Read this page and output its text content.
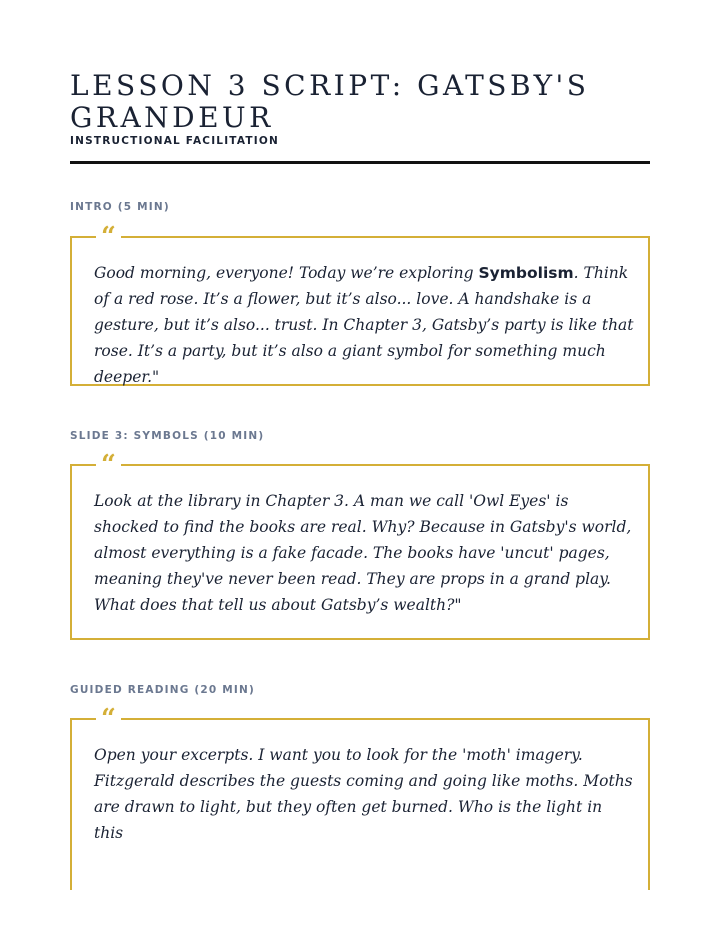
LESSON 3 SCRIPT: GATSBY'S GRANDEUR
INSTRUCTIONAL FACILITATION
INTRO (5 MIN)
“
Good morning, everyone! Today we’re exploring Symbolism. Think of a red rose. It’s a flower, but it’s also... love. A handshake is a gesture, but it’s also... trust. In Chapter 3, Gatsby’s party is like that rose. It’s a party, but it’s also a giant symbol for something much deeper."
SLIDE 3: SYMBOLS (10 MIN)
“
Look at the library in Chapter 3. A man we call 'Owl Eyes' is shocked to find the books are real. Why? Because in Gatsby's world, almost everything is a fake facade. The books have 'uncut' pages, meaning they've never been read. They are props in a grand play. What does that tell us about Gatsby’s wealth?"
GUIDED READING (20 MIN)
“
Open your excerpts. I want you to look for the 'moth' imagery. Fitzgerald describes the guests coming and going like moths. Moths are drawn to light, but they often get burned. Who is the light in this
